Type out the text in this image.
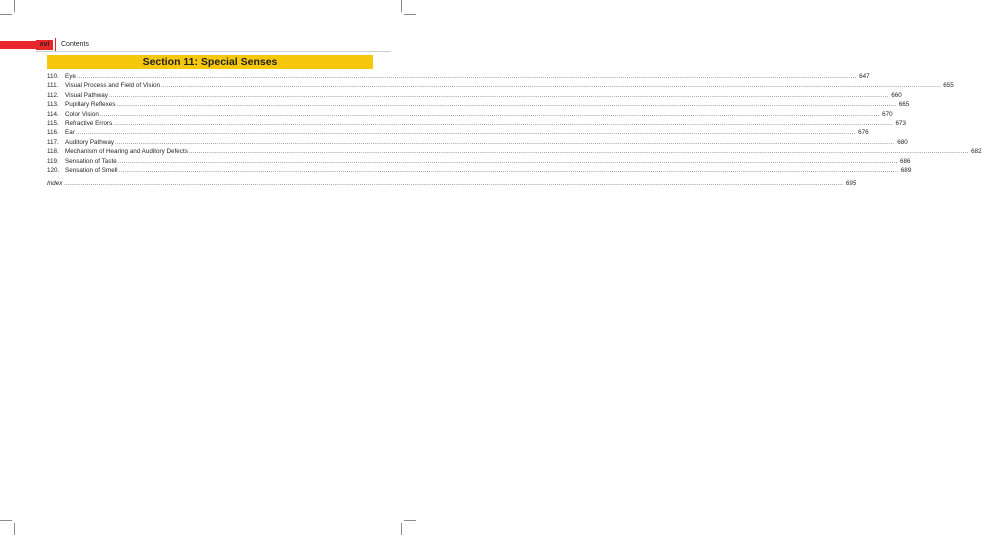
xvi	Contents
Section 11: Special Senses
110. Eye ................................................................................................................................................................................................................................................................................................................................................................................................................ 647
111.	Visual Process and Field of Vision ................................................................................................................................................................................................................................................................................................................................................................................................................ 655
112. Visual Pathway ................................................................................................................................................................................................................................................................................................................................................................................................................ 660
113. Pupillary Reflexes ................................................................................................................................................................................................................................................................................................................................................................................................................ 665
114. Color Vision ................................................................................................................................................................................................................................................................................................................................................................................................................ 670
115. Refractive Errors ................................................................................................................................................................................................................................................................................................................................................................................................................ 673
116. Ear ................................................................................................................................................................................................................................................................................................................................................................................................................ 676
117. Auditory Pathway ................................................................................................................................................................................................................................................................................................................................................................................................................ 680
118. Mechanism of Hearing and Auditory Defects ................................................................................................................................................................................................................................................................................................................................................................................................................ 682
119. Sensation of Taste ................................................................................................................................................................................................................................................................................................................................................................................................................ 686
120. Sensation of Smell ................................................................................................................................................................................................................................................................................................................................................................................................................ 689
Index ................................................................................................................................................................................................................................................................................................................................................................................................................ 695
